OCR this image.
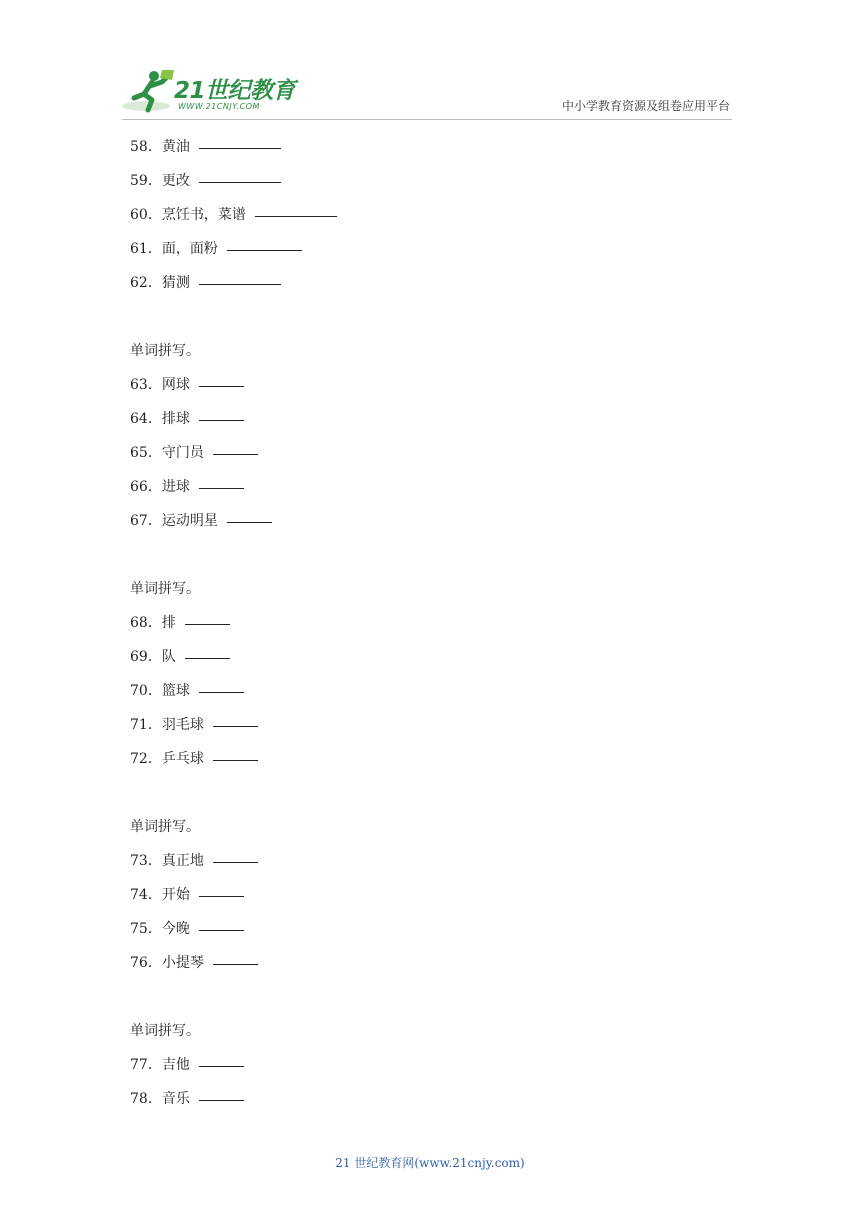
21世纪教育
WWW.21CNJY.COM	中小学教育资源及组卷应用平台
58．黄油
59．更改
60．烹饪书，菜谱
61．面，面粉
62．猜测
单词拼写。
63．网球
64．排球
65．守门员
66．进球
67．运动明星
单词拼写。
68．排
69．队
70．篮球
71．羽毛球
72．乒乓球
单词拼写。
73．真正地
74．开始
75．今晚
76．小提琴
单词拼写。
77．吉他
78．音乐
21 世纪教育网(www.21cnjy.com)
